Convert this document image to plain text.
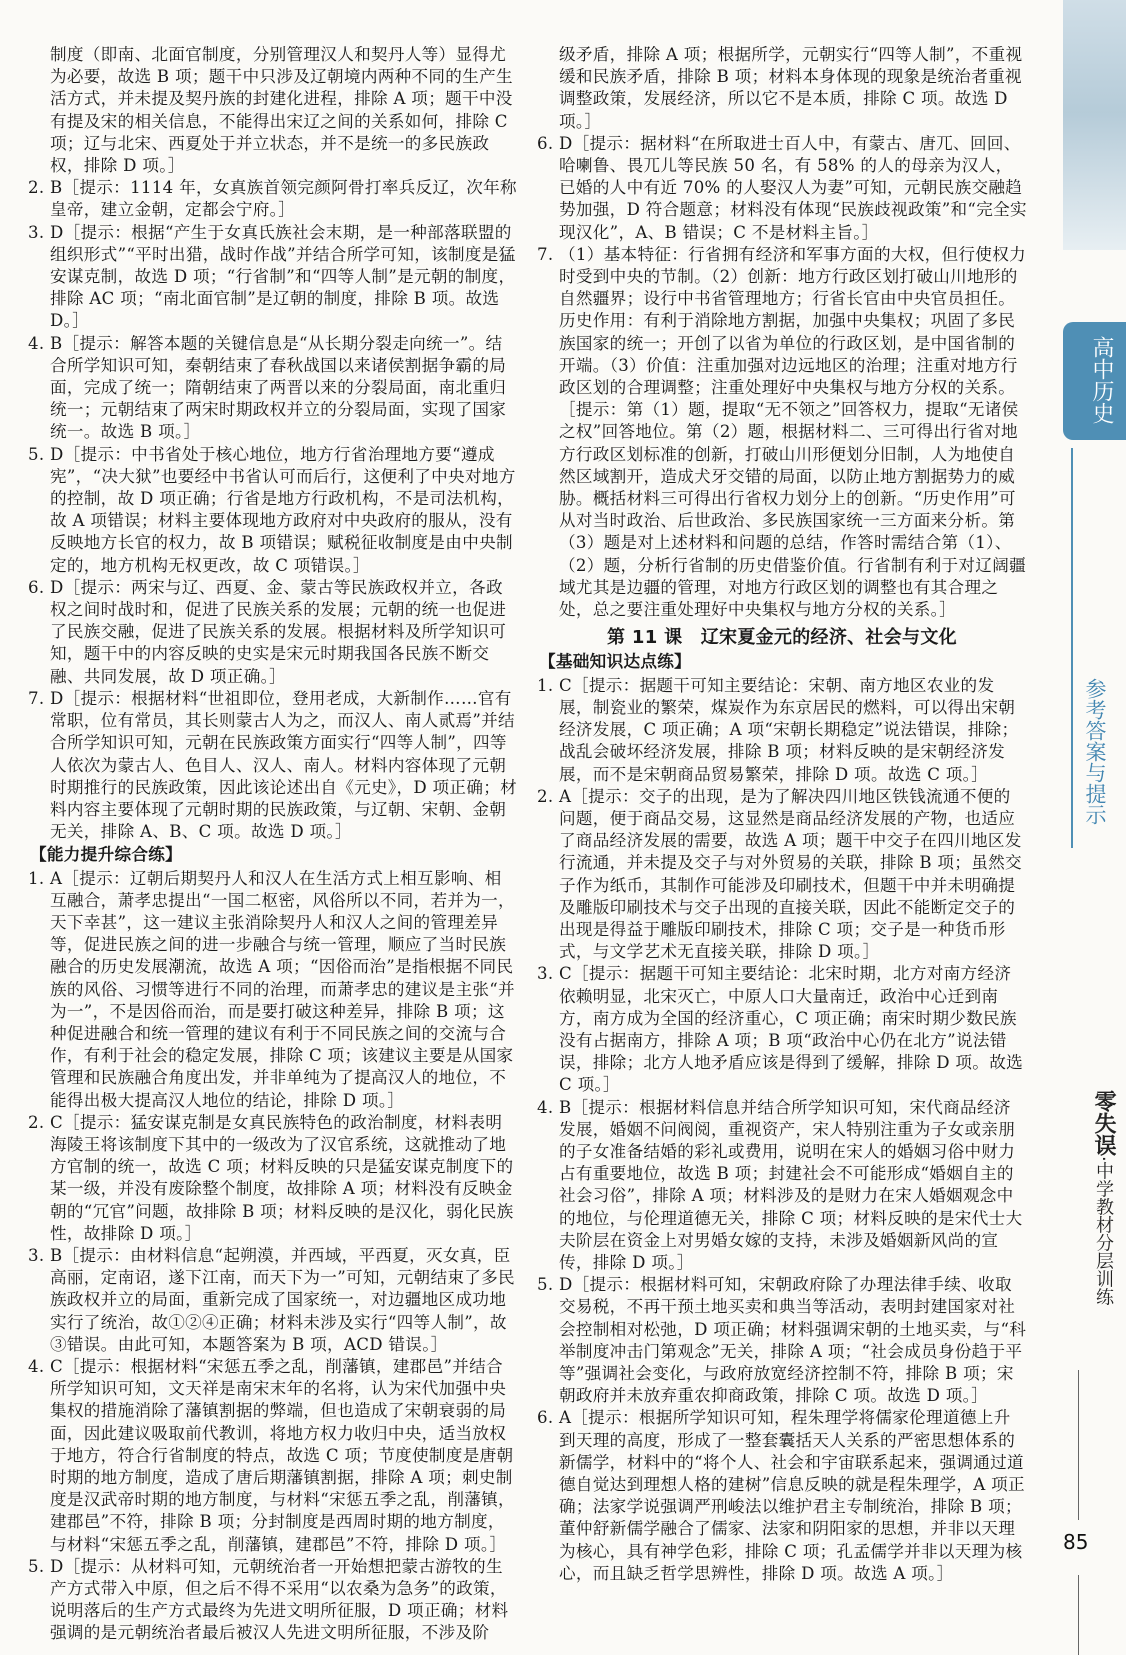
制度（即南、北面官制度，分别管理汉人和契丹人等）显得尤为必要，故选 B 项；题干中只涉及辽朝境内两种不同的生产生活方式，并未提及契丹族的封建化进程，排除 A 项；题干中没有提及宋的相关信息，不能得出宋辽之间的关系如何，排除 C 项；辽与北宋、西夏处于并立状态，并不是统一的多民族政权，排除 D 项。］

2. B［提示：1114 年，女真族首领完颜阿骨打率兵反辽，次年称皇帝，建立金朝，定都会宁府。］

3. D［提示：根据“产生于女真氏族社会末期，是一种部落联盟的组织形式”“平时出猎，战时作战”并结合所学可知，该制度是猛安谋克制，故选 D 项；“行省制”和“四等人制”是元朝的制度，排除 AC 项；“南北面官制”是辽朝的制度，排除 B 项。故选 D。］

4. B［提示：解答本题的关键信息是“从长期分裂走向统一”。结合所学知识可知，秦朝结束了春秋战国以来诸侯割据争霸的局面，完成了统一；隋朝结束了两晋以来的分裂局面，南北重归统一；元朝结束了两宋时期政权并立的分裂局面，实现了国家统一。故选 B 项。］

5. D［提示：中书省处于核心地位，地方行省治理地方要“遵成宪”，“决大狱”也要经中书省认可而后行，这便利了中央对地方的控制，故 D 项正确；行省是地方行政机构，不是司法机构，故 A 项错误；材料主要体现地方政府对中央政府的服从，没有反映地方长官的权力，故 B 项错误；赋税征收制度是由中央制定的，地方机构无权更改，故 C 项错误。］

6. D［提示：两宋与辽、西夏、金、蒙古等民族政权并立，各政权之间时战时和，促进了民族关系的发展；元朝的统一也促进了民族交融，促进了民族关系的发展。根据材料及所学知识可知，题干中的内容反映的史实是宋元时期我国各民族不断交融、共同发展，故 D 项正确。］

7. D［提示：根据材料“世祖即位，登用老成，大新制作……官有常职，位有常员，其长则蒙古人为之，而汉人、南人贰焉”并结合所学知识可知，元朝在民族政策方面实行“四等人制”，四等人依次为蒙古人、色目人、汉人、南人。材料内容体现了元朝时期推行的民族政策，因此该论述出自《元史》，D 项正确；材料内容主要体现了元朝时期的民族政策，与辽朝、宋朝、金朝无关，排除 A、B、C 项。故选 D 项。］

【能力提升综合练】

1. A［提示：辽朝后期契丹人和汉人在生活方式上相互影响、相互融合，萧孝忠提出“一国二枢密，风俗所以不同，若并为一，天下幸甚”，这一建议主张消除契丹人和汉人之间的管理差异等，促进民族之间的进一步融合与统一管理，顺应了当时民族融合的历史发展潮流，故选 A 项；“因俗而治”是指根据不同民族的风俗、习惯等进行不同的治理，而萧孝忠的建议是主张“并为一”，不是因俗而治，而是要打破这种差异，排除 B 项；这种促进融合和统一管理的建议有利于不同民族之间的交流与合作，有利于社会的稳定发展，排除 C 项；该建议主要是从国家管理和民族融合角度出发，并非单纯为了提高汉人的地位，不能得出极大提高汉人地位的结论，排除 D 项。］

2. C［提示：猛安谋克制是女真民族特色的政治制度，材料表明海陵王将该制度下其中的一级改为了汉官系统，这就推动了地方官制的统一，故选 C 项；材料反映的只是猛安谋克制度下的某一级，并没有废除整个制度，故排除 A 项；材料没有反映金朝的“冗官”问题，故排除 B 项；材料反映的是汉化，弱化民族性，故排除 D 项。］

3. B［提示：由材料信息“起朔漠，并西域，平西夏，灭女真，臣高丽，定南诏，遂下江南，而天下为一”可知，元朝结束了多民族政权并立的局面，重新完成了国家统一，对边疆地区成功地实行了统治，故①②④正确；材料未涉及实行“四等人制”，故③错误。由此可知，本题答案为 B 项，ACD 错误。］

4. C［提示：根据材料“宋惩五季之乱，削藩镇，建郡邑”并结合所学知识可知，文天祥是南宋末年的名将，认为宋代加强中央集权的措施消除了藩镇割据的弊端，但也造成了宋朝衰弱的局面，因此建议吸取前代教训，将地方权力收归中央，适当放权于地方，符合行省制度的特点，故选 C 项；节度使制度是唐朝时期的地方制度，造成了唐后期藩镇割据，排除 A 项；刺史制度是汉武帝时期的地方制度，与材料“宋惩五季之乱，削藩镇，建郡邑”不符，排除 B 项；分封制度是西周时期的地方制度，与材料“宋惩五季之乱，削藩镇，建郡邑”不符，排除 D 项。］

5. D［提示：从材料可知，元朝统治者一开始想把蒙古游牧的生产方式带入中原，但之后不得不采用“以农桑为急务”的政策，说明落后的生产方式最终为先进文明所征服，D 项正确；材料强调的是元朝统治者最后被汉人先进文明所征服，不涉及阶

级矛盾，排除 A 项；根据所学，元朝实行“四等人制”，不重视缓和民族矛盾，排除 B 项；材料本身体现的现象是统治者重视调整政策，发展经济，所以它不是本质，排除 C 项。故选 D 项。］

6. D［提示：据材料“在所取进士百人中，有蒙古、唐兀、回回、哈喇鲁、畏兀儿等民族 50 名，有 58% 的人的母亲为汉人，已婚的人中有近 70% 的人娶汉人为妻”可知，元朝民族交融趋势加强，D 符合题意；材料没有体现“民族歧视政策”和“完全实现汉化”，A、B 错误；C 不是材料主旨。］

7. （1）基本特征：行省拥有经济和军事方面的大权，但行使权力时受到中央的节制。（2）创新：地方行政区划打破山川地形的自然疆界；设行中书省管理地方；行省长官由中央官员担任。历史作用：有利于消除地方割据，加强中央集权；巩固了多民族国家的统一；开创了以省为单位的行政区划，是中国省制的开端。（3）价值：注重加强对边远地区的治理；注重对地方行政区划的合理调整；注重处理好中央集权与地方分权的关系。［提示：第（1）题，提取“无不领之”回答权力，提取“无诸侯之权”回答地位。第（2）题，根据材料二、三可得出行省对地方行政区划标准的创新，打破山川形便划分旧制，人为地使自然区域割开，造成犬牙交错的局面，以防止地方割据势力的威胁。概括材料三可得出行省权力划分上的创新。“历史作用”可从对当时政治、后世政治、多民族国家统一三方面来分析。第（3）题是对上述材料和问题的总结，作答时需结合第（1）、（2）题，分析行省制的历史借鉴价值。行省制有利于对辽阔疆域尤其是边疆的管理，对地方行政区划的调整也有其合理之处，总之要注重处理好中央集权与地方分权的关系。］

第 11 课　辽宋夏金元的经济、社会与文化

【基础知识达点练】

1. C［提示：据题干可知主要结论：宋朝、南方地区农业的发展，制瓷业的繁荣，煤炭作为东京居民的燃料，可以得出宋朝经济发展，C 项正确；A 项“宋朝长期稳定”说法错误，排除；战乱会破坏经济发展，排除 B 项；材料反映的是宋朝经济发展，而不是宋朝商品贸易繁荣，排除 D 项。故选 C 项。］

2. A［提示：交子的出现，是为了解决四川地区铁钱流通不便的问题，便于商品交易，这显然是商品经济发展的产物，也适应了商品经济发展的需要，故选 A 项；题干中交子在四川地区发行流通，并未提及交子与对外贸易的关联，排除 B 项；虽然交子作为纸币，其制作可能涉及印刷技术，但题干中并未明确提及雕版印刷技术与交子出现的直接关联，因此不能断定交子的出现是得益于雕版印刷技术，排除 C 项；交子是一种货币形式，与文学艺术无直接关联，排除 D 项。］

3. C［提示：据题干可知主要结论：北宋时期，北方对南方经济依赖明显，北宋灭亡，中原人口大量南迁，政治中心迁到南方，南方成为全国的经济重心，C 项正确；南宋时期少数民族没有占据南方，排除 A 项；B 项“政治中心仍在北方”说法错误，排除；北方人地矛盾应该是得到了缓解，排除 D 项。故选 C 项。］

4. B［提示：根据材料信息并结合所学知识可知，宋代商品经济发展，婚姻不问阀阅，重视资产，宋人特别注重为子女或亲朋的子女准备结婚的彩礼或费用，说明在宋人的婚姻习俗中财力占有重要地位，故选 B 项；封建社会不可能形成“婚姻自主的社会习俗”，排除 A 项；材料涉及的是财力在宋人婚姻观念中的地位，与伦理道德无关，排除 C 项；材料反映的是宋代士大夫阶层在资金上对男婚女嫁的支持，未涉及婚姻新风尚的宣传，排除 D 项。］

5. D［提示：根据材料可知，宋朝政府除了办理法律手续、收取交易税，不再干预土地买卖和典当等活动，表明封建国家对社会控制相对松弛，D 项正确；材料强调宋朝的土地买卖，与“科举制度冲击门第观念”无关，排除 A 项；“社会成员身份趋于平等”强调社会变化，与政府放宽经济控制不符，排除 B 项；宋朝政府并未放弃重农抑商政策，排除 C 项。故选 D 项。］

6. A［提示：根据所学知识可知，程朱理学将儒家伦理道德上升到天理的高度，形成了一整套囊括天人关系的严密思想体系的新儒学，材料中的“将个人、社会和宇宙联系起来，强调通过道德自觉达到理想人格的建树”信息反映的就是程朱理学，A 项正确；法家学说强调严刑峻法以维护君主专制统治，排除 B 项；董仲舒新儒学融合了儒家、法家和阴阳家的思想，并非以天理为核心，具有神学色彩，排除 C 项；孔孟儒学并非以天理为核心，而且缺乏哲学思辨性，排除 D 项。故选 A 项。］

高中历史
参考答案与提示
零失误·中学教材分层训练
85
